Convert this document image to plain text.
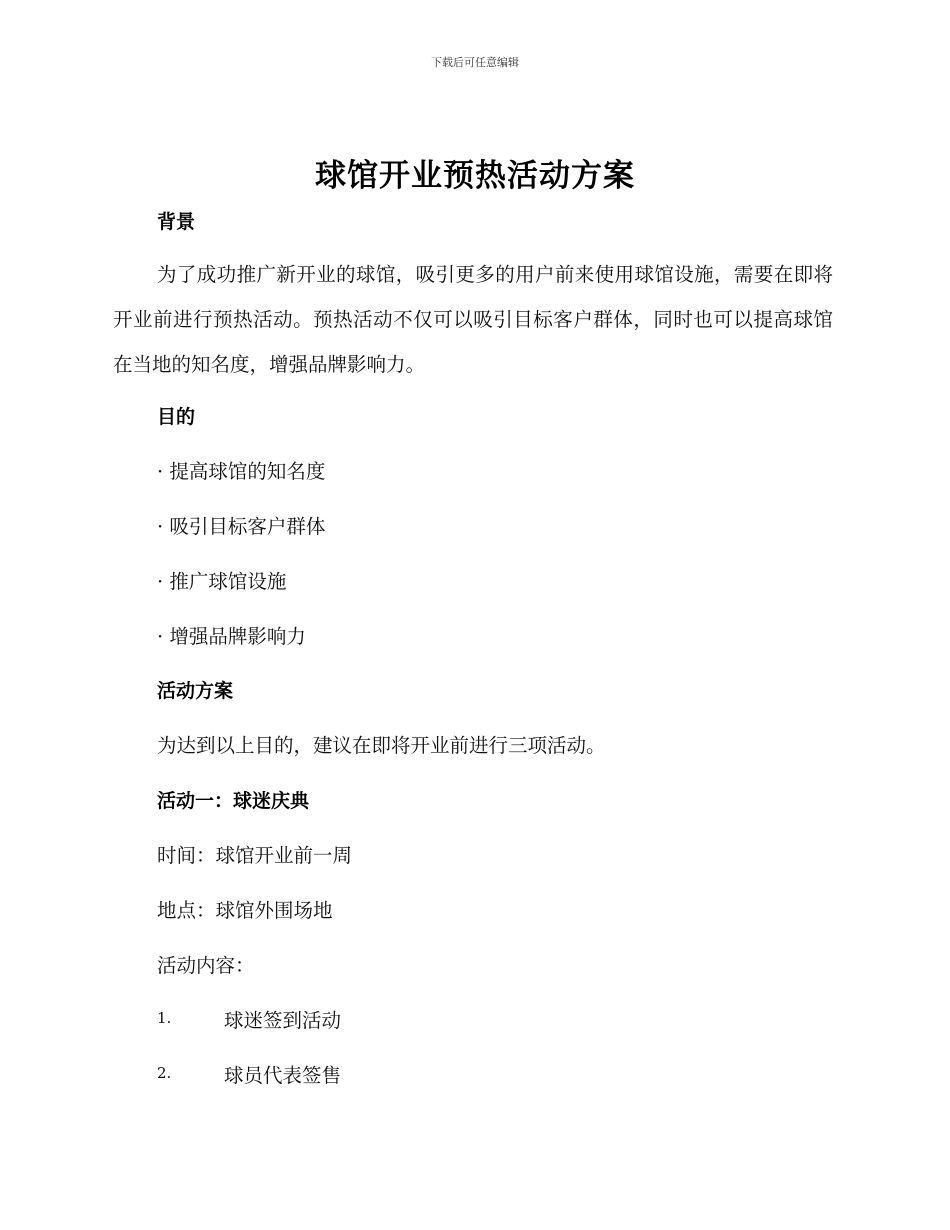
下载后可任意编辑
球馆开业预热活动方案
背景
为了成功推广新开业的球馆，吸引更多的用户前来使用球馆设施，需要在即将开业前进行预热活动。预热活动不仅可以吸引目标客户群体，同时也可以提高球馆在当地的知名度，增强品牌影响力。
目的
· 提高球馆的知名度
· 吸引目标客户群体
· 推广球馆设施
· 增强品牌影响力
活动方案
为达到以上目的，建议在即将开业前进行三项活动。
活动一：球迷庆典
时间：球馆开业前一周
地点：球馆外围场地
活动内容：
1.	球迷签到活动
2.	球员代表签售
